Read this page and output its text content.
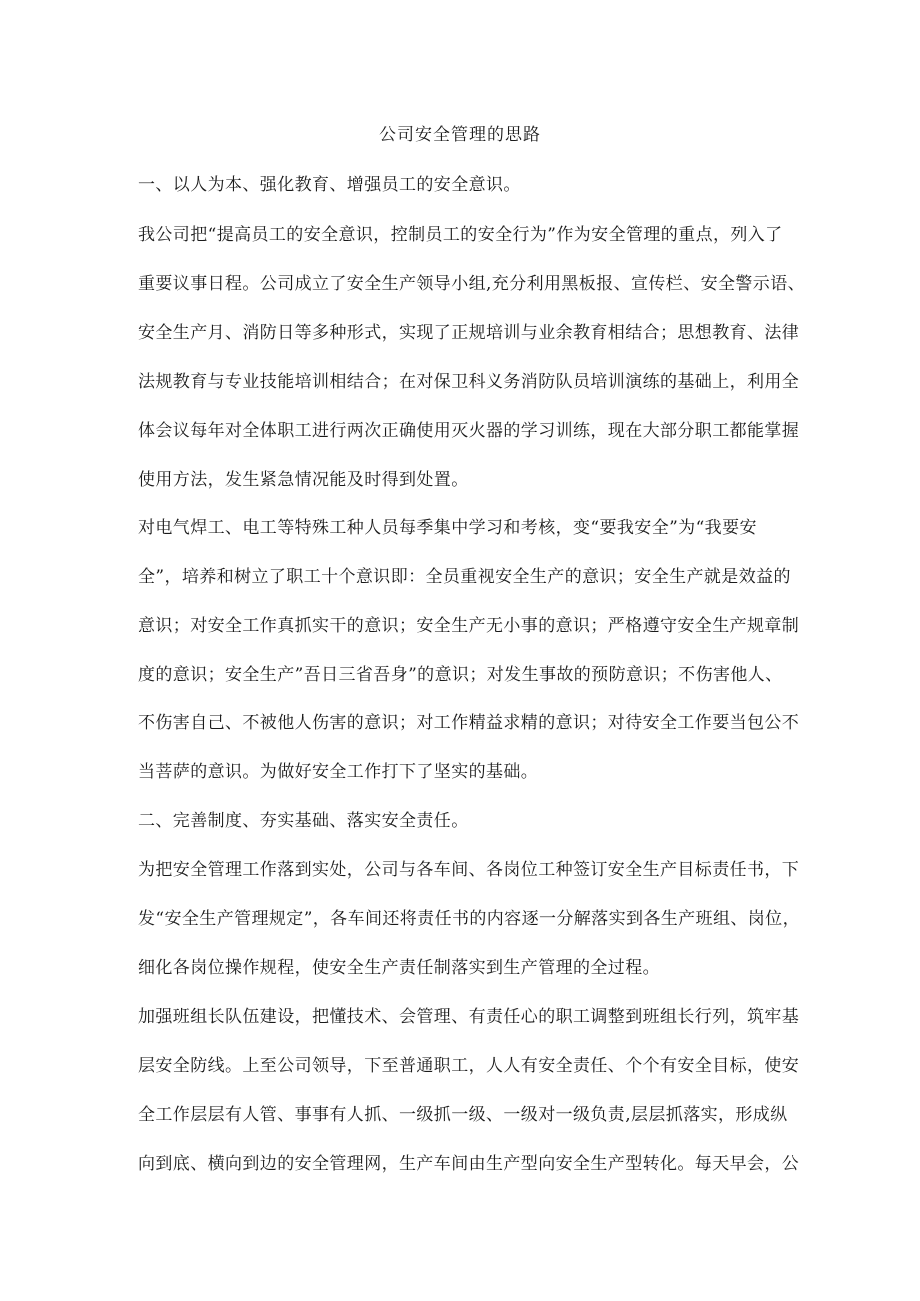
公司安全管理的思路
一、以人为本、强化教育、增强员工的安全意识。
我公司把“提高员工的安全意识，控制员工的安全行为”作为安全管理的重点，列入了
重要议事日程。公司成立了安全生产领导小组,充分利用黑板报、宣传栏、安全警示语、
安全生产月、消防日等多种形式，实现了正规培训与业余教育相结合；思想教育、法律
法规教育与专业技能培训相结合；在对保卫科义务消防队员培训演练的基础上，利用全
体会议每年对全体职工进行两次正确使用灭火器的学习训练，现在大部分职工都能掌握
使用方法，发生紧急情况能及时得到处置。
对电气焊工、电工等特殊工种人员每季集中学习和考核，变“要我安全”为“我要安
全”，培养和树立了职工十个意识即：全员重视安全生产的意识；安全生产就是效益的
意识；对安全工作真抓实干的意识；安全生产无小事的意识；严格遵守安全生产规章制
度的意识；安全生产”吾日三省吾身”的意识；对发生事故的预防意识；不伤害他人、
不伤害自己、不被他人伤害的意识；对工作精益求精的意识；对待安全工作要当包公不
当菩萨的意识。为做好安全工作打下了坚实的基础。
二、完善制度、夯实基础、落实安全责任。
为把安全管理工作落到实处，公司与各车间、各岗位工种签订安全生产目标责任书，下
发“安全生产管理规定”，各车间还将责任书的内容逐一分解落实到各生产班组、岗位，
细化各岗位操作规程，使安全生产责任制落实到生产管理的全过程。
加强班组长队伍建设，把懂技术、会管理、有责任心的职工调整到班组长行列，筑牢基
层安全防线。上至公司领导，下至普通职工，人人有安全责任、个个有安全目标，使安
全工作层层有人管、事事有人抓、一级抓一级、一级对一级负责,层层抓落实，形成纵
向到底、横向到边的安全管理网，生产车间由生产型向安全生产型转化。每天早会，公
